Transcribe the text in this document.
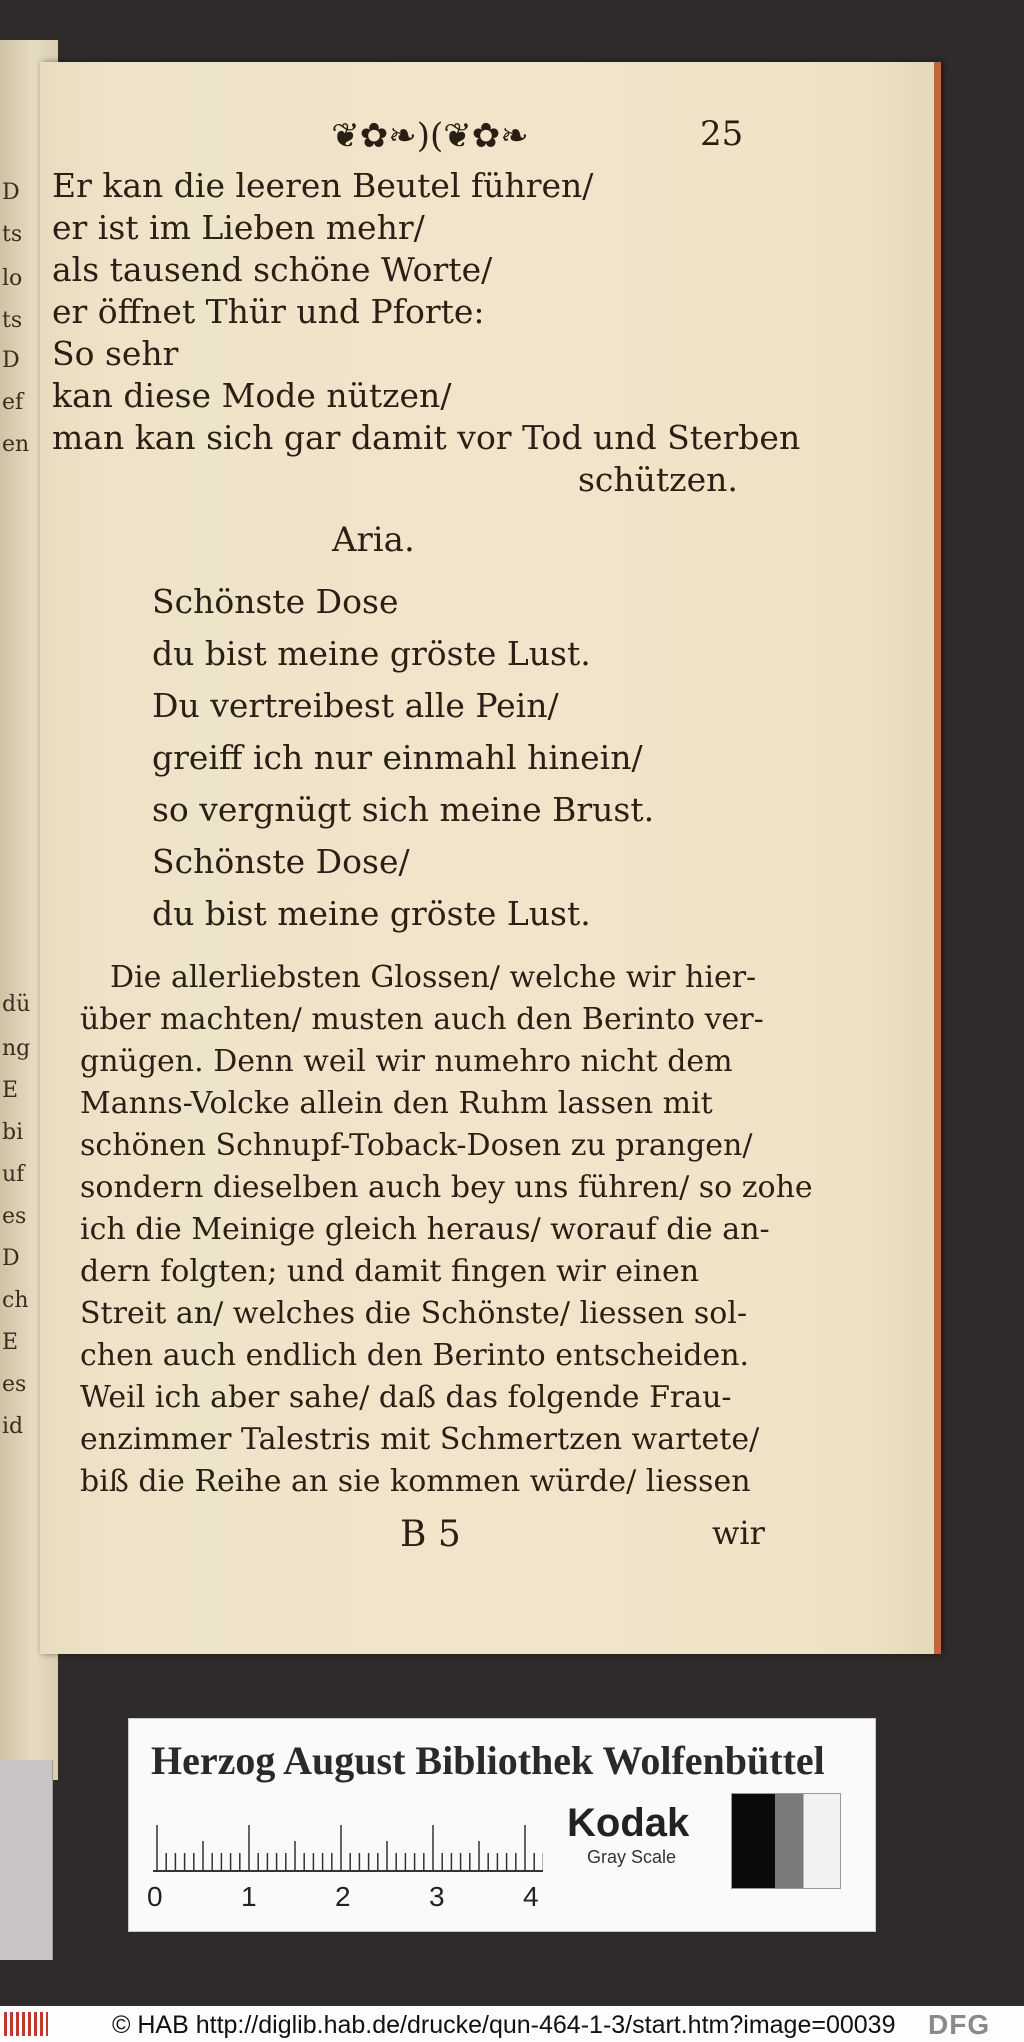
D
ts
lo
ts
D
ef
en
dü
ng
E
bi
uf
es
D
ch
E
es
id
❦✿❧)(❦✿❧	25
Er kan die leeren Beutel führen/
er ist im Lieben mehr/
als tausend schöne Worte/
er öffnet Thür und Pforte:
So sehr
kan diese Mode nützen/
man kan sich gar damit vor Tod und Sterben
schützen.
Aria.
Schönste Dose
du bist meine gröste Lust.
Du vertreibest alle Pein/
greiff ich nur einmahl hinein/
so vergnügt sich meine Brust.
Schönste Dose/
du bist meine gröste Lust.
Die allerliebsten Glossen/ welche wir hier-
über machten/ musten auch den Berinto ver-
gnügen. Denn weil wir numehro nicht dem
Manns-Volcke allein den Ruhm lassen mit
schönen Schnupf-Toback-Dosen zu prangen/
sondern dieselben auch bey uns führen/ so zohe
ich die Meinige gleich heraus/ worauf die an-
dern folgten; und damit fingen wir einen
Streit an/ welches die Schönste/ liessen sol-
chen auch endlich den Berinto entscheiden.
Weil ich aber sahe/ daß das folgende Frau-
enzimmer Talestris mit Schmertzen wartete/
biß die Reihe an sie kommen würde/ liessen
B 5	wir
Herzog August Bibliothek Wolfenbüttel
0	1	2	3	4
Kodak
Gray Scale
© HAB http://diglib.hab.de/drucke/qun-464-1-3/start.htm?image=00039 DFG
